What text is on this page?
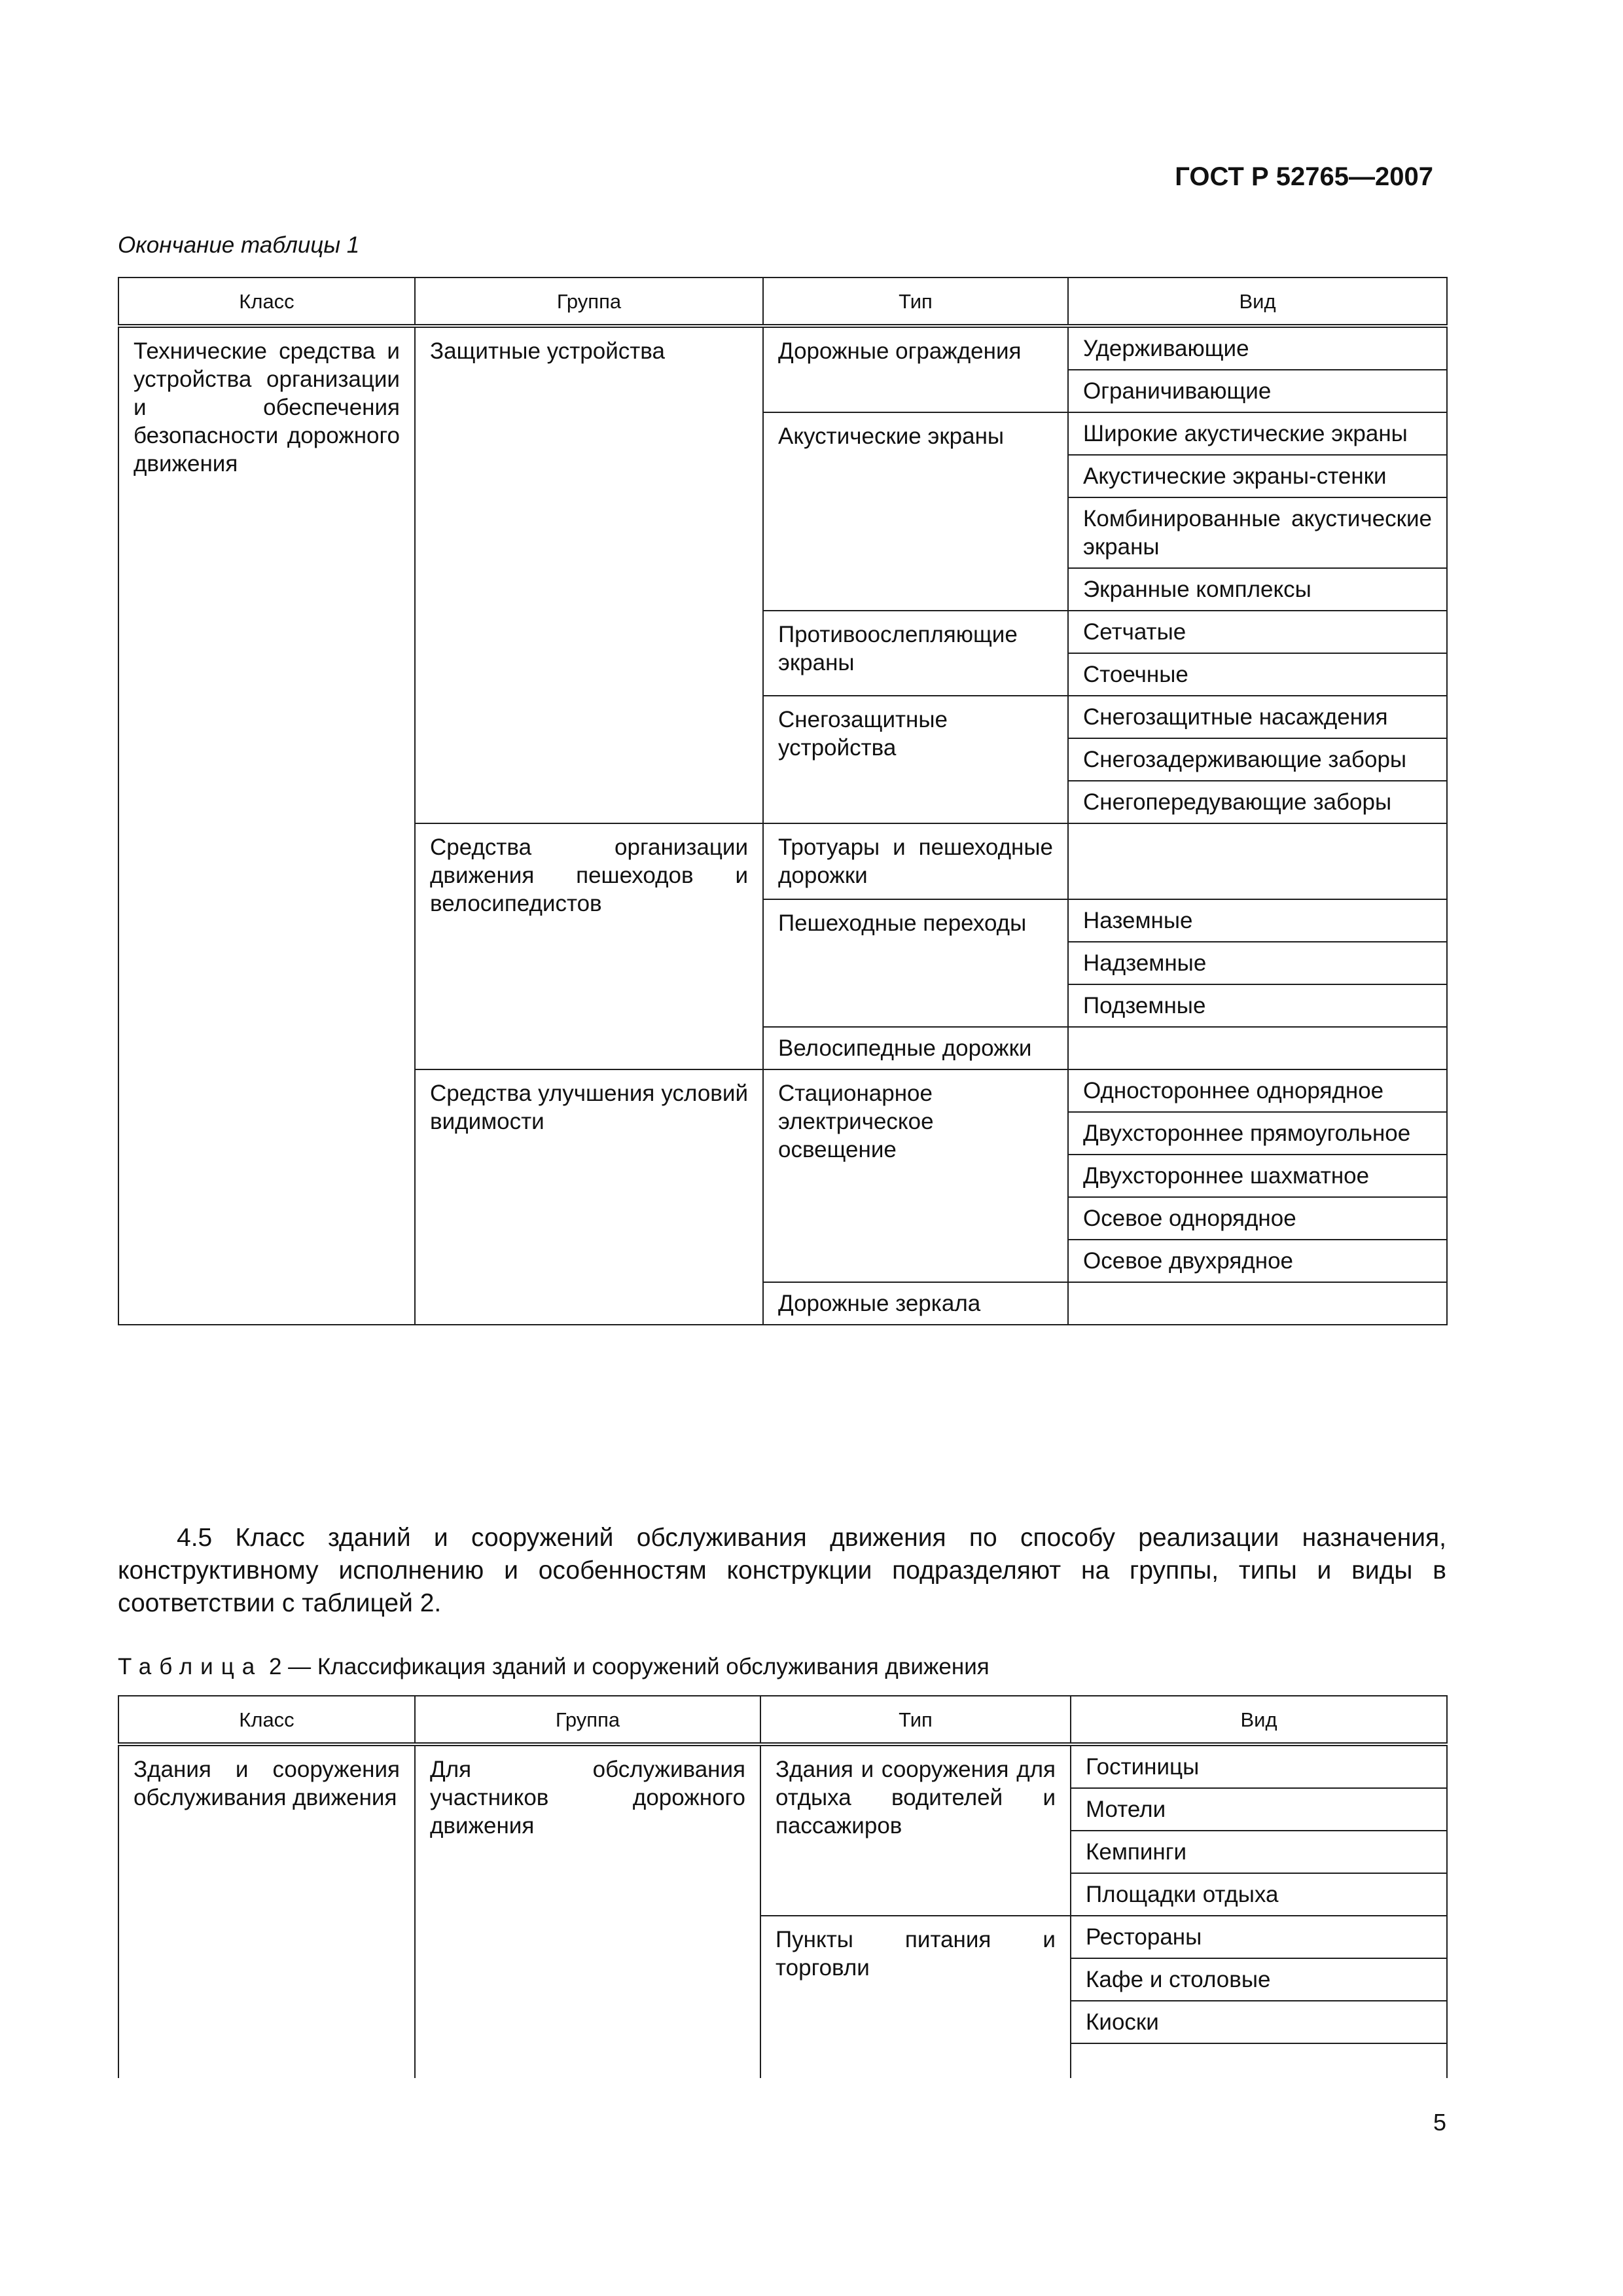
ГОСТ Р 52765—2007
Окончание таблицы 1
Класс	Группа	Тип	Вид
Технические средства и устройства организации и обеспечения безопасности дорожного движения	Защитные устройства	Дорожные ограждения	Удерживающие
			Ограничивающие
		Акустические экраны	Широкие акустические экраны
			Акустические экраны-стенки
			Комбинированные акустические экраны
			Экранные комплексы
		Противоослепляющие экраны	Сетчатые
			Стоечные
		Снегозащитные устройства	Снегозащитные насаждения
			Снегозадерживающие заборы
			Снегопередувающие заборы
	Средства организации движения пешеходов и велосипедистов	Тротуары и пешеходные дорожки	
		Пешеходные переходы	Наземные
			Надземные
			Подземные
		Велосипедные дорожки	
	Средства улучшения условий видимости	Стационарное электрическое освещение	Одностороннее однорядное
			Двухстороннее прямоугольное
			Двухстороннее шахматное
			Осевое однорядное
			Осевое двухрядное
		Дорожные зеркала	
4.5 Класс зданий и сооружений обслуживания движения по способу реализации назначения, конструктивному исполнению и особенностям конструкции подразделяют на группы, типы и виды в соответствии с таблицей 2.
Таблица 2 — Классификация зданий и сооружений обслуживания движения
Класс	Группа	Тип	Вид
Здания и сооружения обслуживания движения	Для обслуживания участников дорожного движения	Здания и сооружения для отдыха водителей и пассажиров	Гостиницы
			Мотели
			Кемпинги
			Площадки отдыха
		Пункты питания и торговли	Рестораны
			Кафе и столовые
			Киоски

5
